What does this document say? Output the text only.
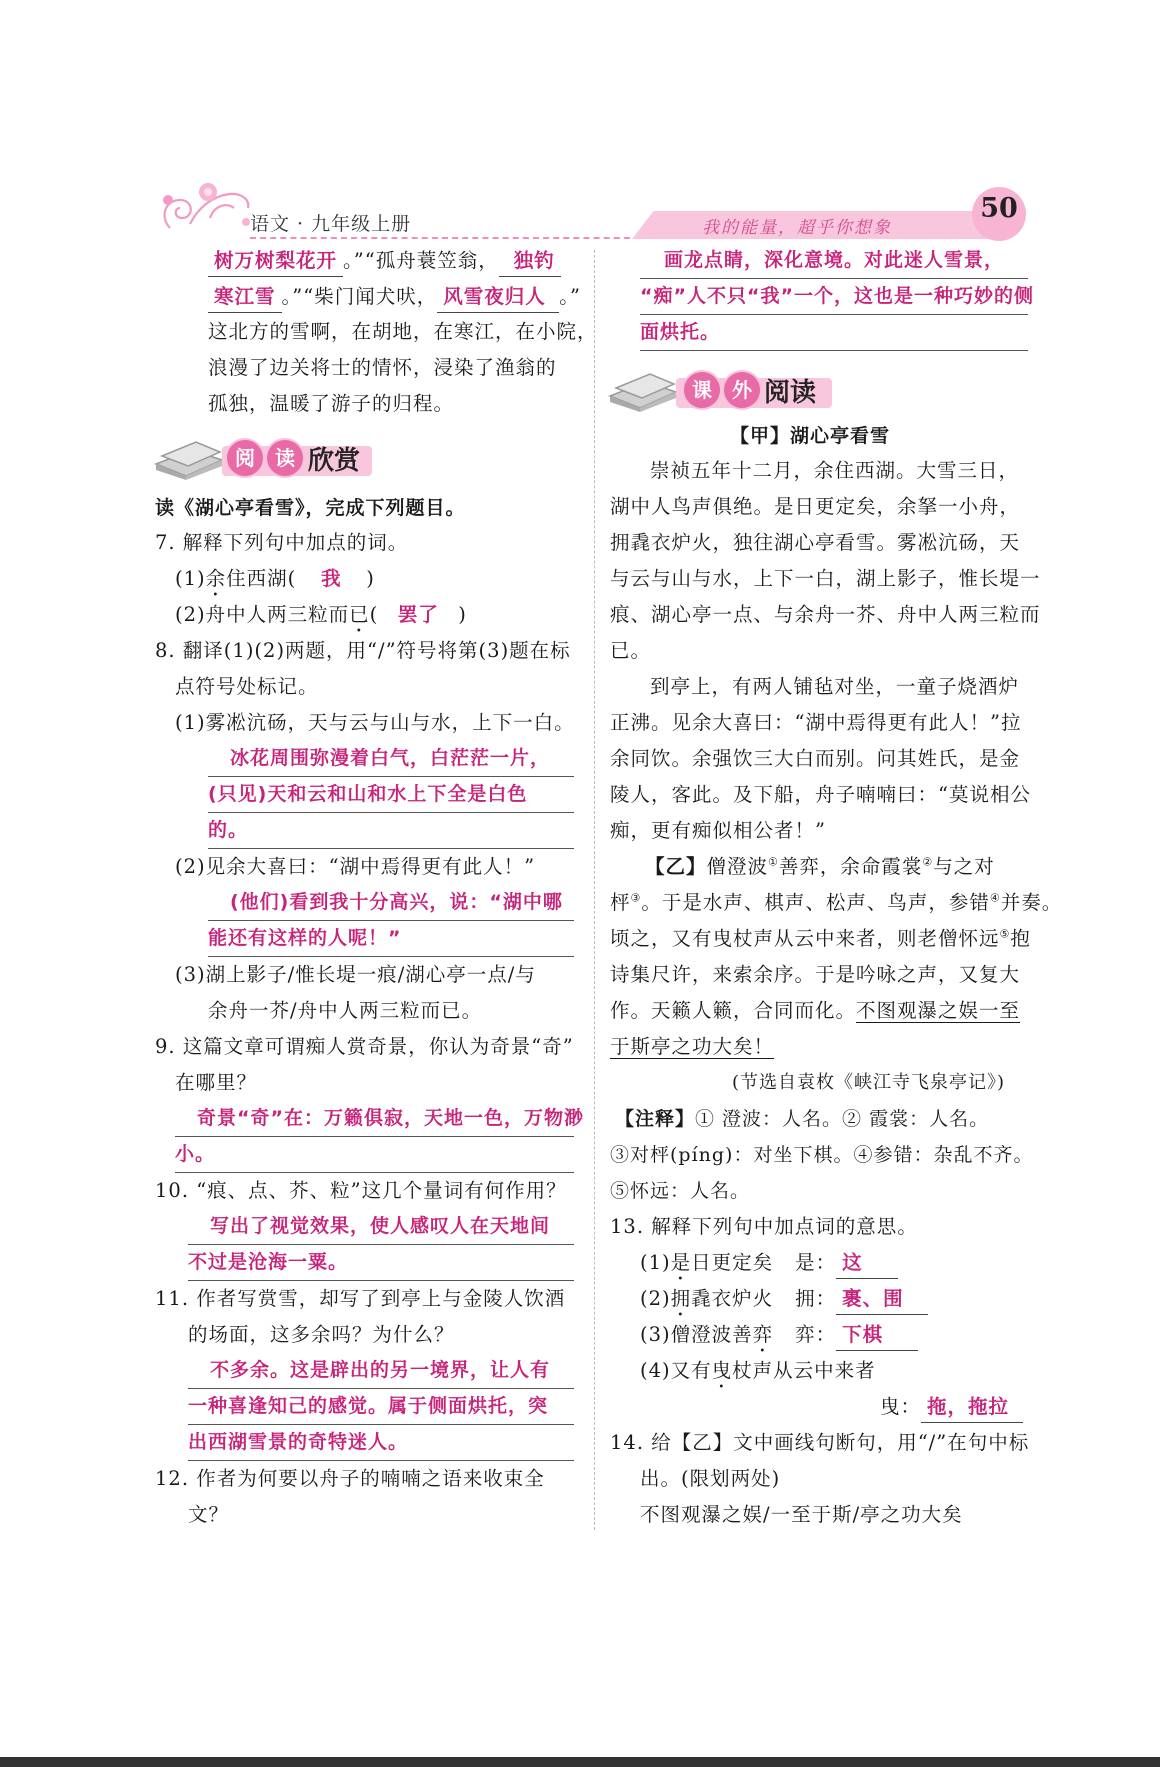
语文 · 九年级上册	我的能量，超乎你想象
50
树万树梨花开 。”“孤舟蓑笠翁， 独钓
寒江雪 。”“柴门闻犬吠， 风雪夜归人 。”
这北方的雪啊，在胡地，在寒江，在小院，
浪漫了边关将士的情怀，浸染了渔翁的
孤独，温暖了游子的归程。
阅	读 欣赏
读《湖心亭看雪》，完成下列题目。
7. 解释下列句中加点的词。
(1)余住西湖( 我 )
(2)舟中人两三粒而已( 罢了 )
8. 翻译(1)(2)两题，用“/”符号将第(3)题在标
点符号处标记。
(1)雾凇沆砀，天与云与山与水，上下一白。
冰花周围弥漫着白气，白茫茫一片，
(只见)天和云和山和水上下全是白色
的。
(2)见余大喜曰：“湖中焉得更有此人！”
(他们)看到我十分高兴，说：“湖中哪
能还有这样的人呢！”
(3)湖上影子/惟长堤一痕/湖心亭一点/与
余舟一芥/舟中人两三粒而已。
9. 这篇文章可谓痴人赏奇景，你认为奇景“奇”
在哪里？
奇景“奇”在：万籁俱寂，天地一色，万物渺
小。
10. “痕、点、芥、粒”这几个量词有何作用？
写出了视觉效果，使人感叹人在天地间
不过是沧海一粟。
11. 作者写赏雪，却写了到亭上与金陵人饮酒
的场面，这多余吗？为什么？
不多余。这是辟出的另一境界，让人有
一种喜逢知己的感觉。属于侧面烘托，突
出西湖雪景的奇特迷人。
12. 作者为何要以舟子的喃喃之语来收束全
文？
画龙点睛，深化意境。对此迷人雪景，
“痴”人不只“我”一个，这也是一种巧妙的侧
面烘托。
课	外 阅读
【甲】湖心亭看雪
崇祯五年十二月，余住西湖。大雪三日，
湖中人鸟声俱绝。是日更定矣，余拏一小舟，
拥毳衣炉火，独往湖心亭看雪。雾凇沆砀，天
与云与山与水，上下一白，湖上影子，惟长堤一
痕、湖心亭一点、与余舟一芥、舟中人两三粒而
已。
到亭上，有两人铺毡对坐，一童子烧酒炉
正沸。见余大喜曰：“湖中焉得更有此人！”拉
余同饮。余强饮三大白而别。问其姓氏，是金
陵人，客此。及下船，舟子喃喃曰：“莫说相公
痴，更有痴似相公者！”
【乙】僧澄波①善弈，余命霞裳②与之对
枰③。于是水声、棋声、松声、鸟声，参错④并奏。
顷之，又有曳杖声从云中来者，则老僧怀远⑤抱
诗集尺许，来索余序。于是吟咏之声，又复大
作。天籁人籁，合同而化。不图观瀑之娱一至
于斯亭之功大矣！
(节选自袁枚《峡江寺飞泉亭记》)
【注释】① 澄波：人名。② 霞裳：人名。
③对枰(píng)：对坐下棋。④参错：杂乱不齐。
⑤怀远：人名。
13. 解释下列句中加点词的意思。
(1)是日更定矣 是： 这
(2)拥毳衣炉火 拥： 裹、围
(3)僧澄波善弈 弈： 下棋
(4)又有曳杖声从云中来者
曳： 拖，拖拉
14. 给【乙】文中画线句断句，用“/”在句中标
出。(限划两处)
不图观瀑之娱/一至于斯/亭之功大矣
